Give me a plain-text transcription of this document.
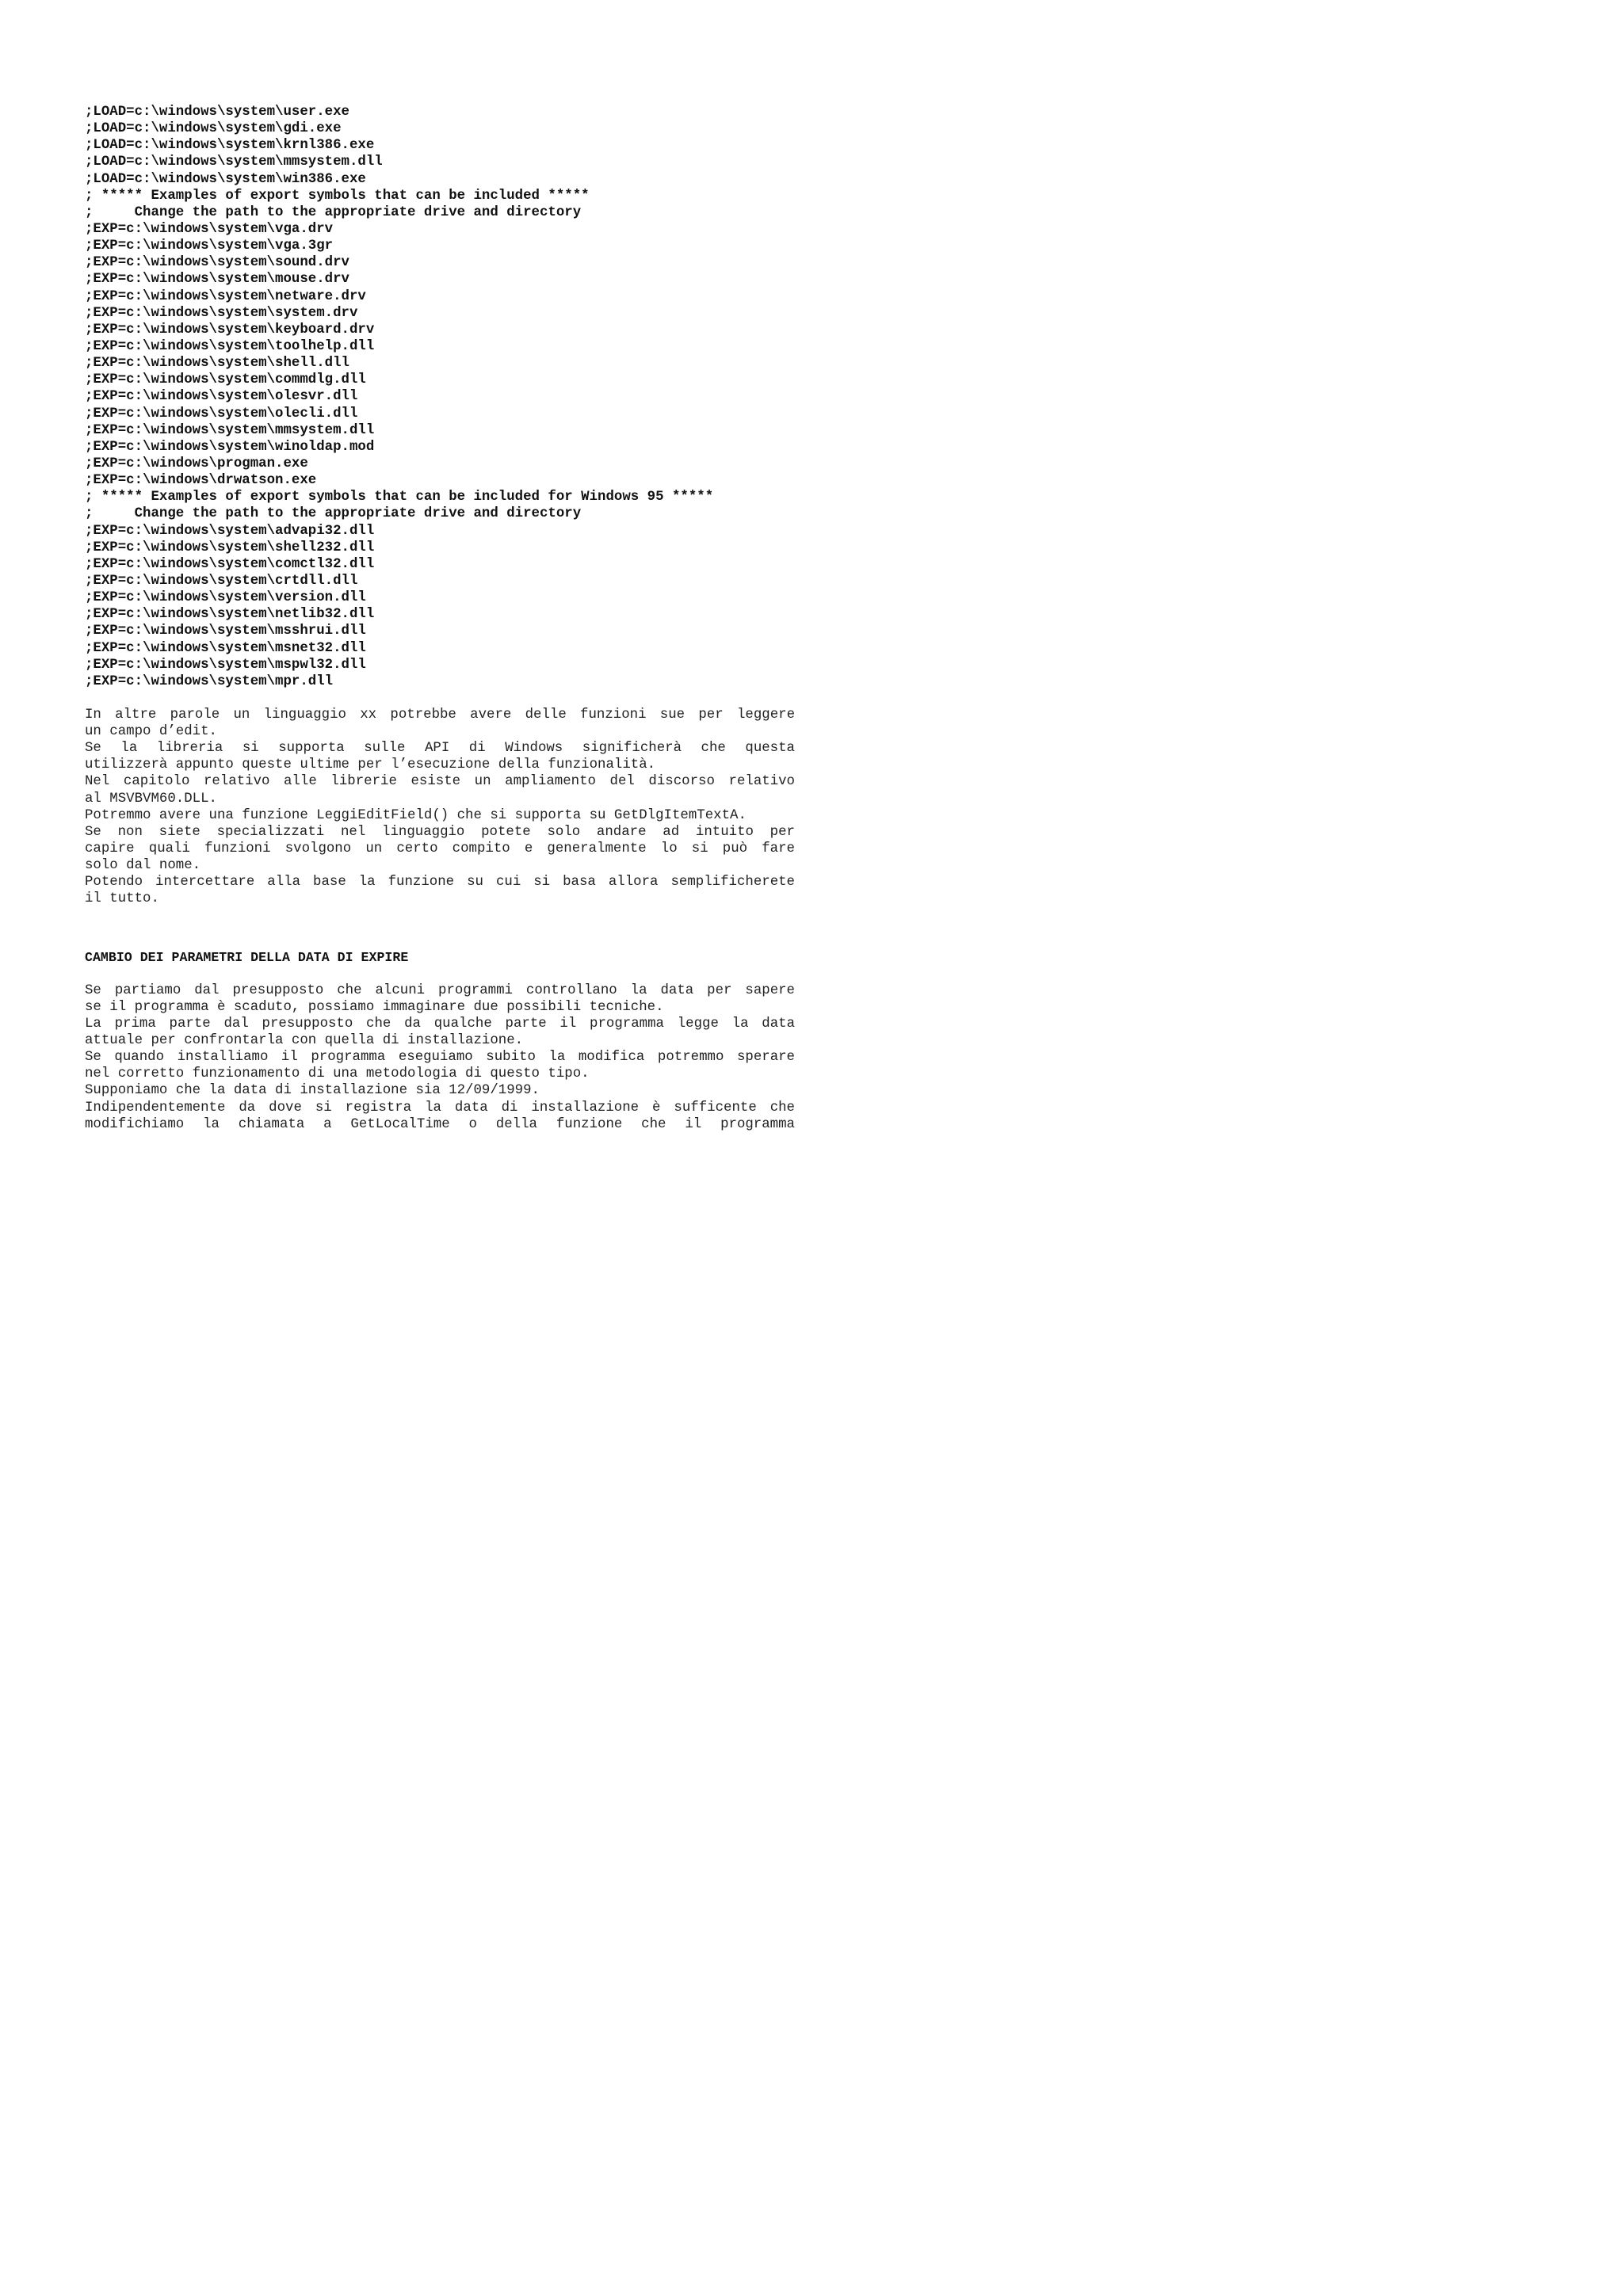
;LOAD=c:\windows\system\user.exe
;LOAD=c:\windows\system\gdi.exe
;LOAD=c:\windows\system\krnl386.exe
;LOAD=c:\windows\system\mmsystem.dll
;LOAD=c:\windows\system\win386.exe
; ***** Examples of export symbols that can be included *****
;     Change the path to the appropriate drive and directory
;EXP=c:\windows\system\vga.drv
;EXP=c:\windows\system\vga.3gr
;EXP=c:\windows\system\sound.drv
;EXP=c:\windows\system\mouse.drv
;EXP=c:\windows\system\netware.drv
;EXP=c:\windows\system\system.drv
;EXP=c:\windows\system\keyboard.drv
;EXP=c:\windows\system\toolhelp.dll
;EXP=c:\windows\system\shell.dll
;EXP=c:\windows\system\commdlg.dll
;EXP=c:\windows\system\olesvr.dll
;EXP=c:\windows\system\olecli.dll
;EXP=c:\windows\system\mmsystem.dll
;EXP=c:\windows\system\winoldap.mod
;EXP=c:\windows\progman.exe
;EXP=c:\windows\drwatson.exe
; ***** Examples of export symbols that can be included for Windows 95 *****
;     Change the path to the appropriate drive and directory
;EXP=c:\windows\system\advapi32.dll
;EXP=c:\windows\system\shell232.dll
;EXP=c:\windows\system\comctl32.dll
;EXP=c:\windows\system\crtdll.dll
;EXP=c:\windows\system\version.dll
;EXP=c:\windows\system\netlib32.dll
;EXP=c:\windows\system\msshrui.dll
;EXP=c:\windows\system\msnet32.dll
;EXP=c:\windows\system\mspwl32.dll
;EXP=c:\windows\system\mpr.dll
In altre parole un linguaggio xx potrebbe avere delle funzioni sue per leggere
un campo d’edit.
Se la libreria si supporta sulle API di Windows significherà che questa
utilizzerà appunto queste ultime per l’esecuzione della funzionalità.
Nel capitolo relativo alle librerie esiste un ampliamento del discorso relativo
al MSVBVM60.DLL.
Potremmo avere una funzione LeggiEditField() che si supporta su GetDlgItemTextA.
Se non siete specializzati nel linguaggio potete solo andare ad intuito per
capire quali funzioni svolgono un certo compito e generalmente lo si può fare
solo dal nome.
Potendo intercettare alla base la funzione su cui si basa allora semplificherete
il tutto.
CAMBIO DEI PARAMETRI DELLA DATA DI EXPIRE
Se partiamo dal presupposto che alcuni programmi controllano la data per sapere
se il programma è scaduto, possiamo immaginare due possibili tecniche.
La prima parte dal presupposto che da qualche parte il programma legge la data
attuale per confrontarla con quella di installazione.
Se quando installiamo il programma eseguiamo subito la modifica potremmo sperare
nel corretto funzionamento di una metodologia di questo tipo.
Supponiamo che la data di installazione sia 12/09/1999.
Indipendentemente da dove si registra la data di installazione è sufficente che
modifichiamo la chiamata a GetLocalTime o della funzione che il programma
